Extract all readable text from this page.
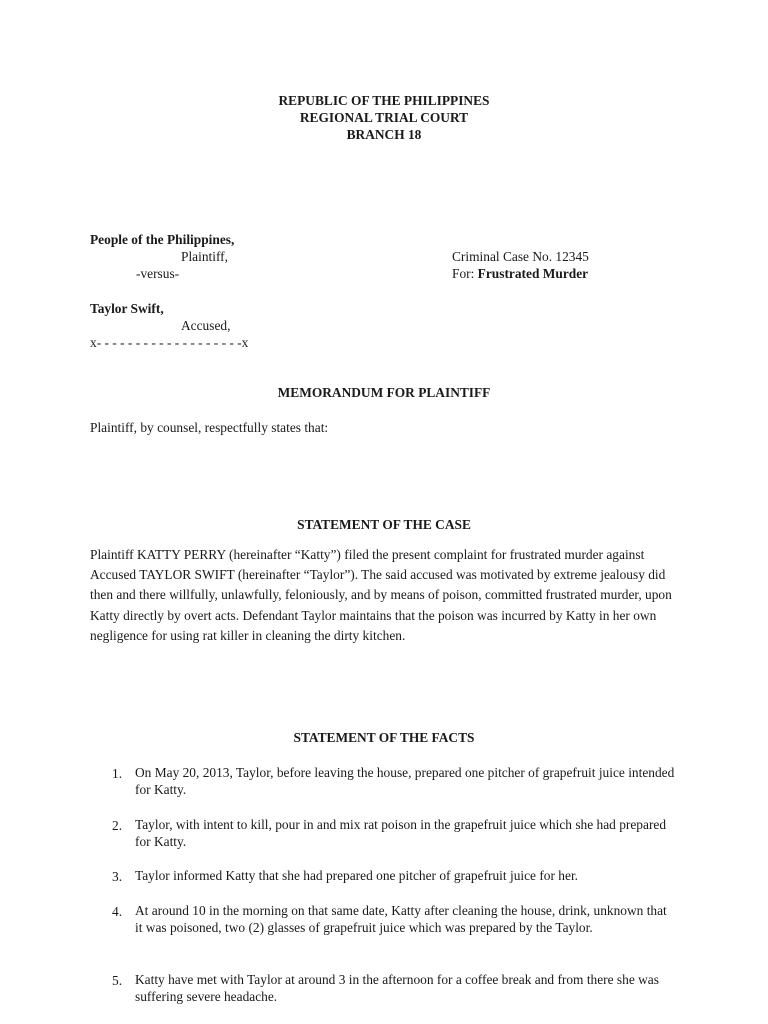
REPUBLIC OF THE PHILIPPINES
REGIONAL TRIAL COURT
BRANCH 18
People of the Philippines,
Plaintiff,
-versus-
Taylor Swift,
Accused,
x- - - - - - - - - - - - - - - - - - -x
Criminal Case No. 12345
For: Frustrated Murder
MEMORANDUM FOR PLAINTIFF
Plaintiff, by counsel, respectfully states that:
STATEMENT OF THE CASE
Plaintiff KATTY PERRY (hereinafter “Katty”) filed the present complaint for frustrated murder against Accused TAYLOR SWIFT (hereinafter “Taylor”). The said accused was motivated by extreme jealousy did then and there willfully, unlawfully, feloniously, and by means of poison, committed frustrated murder, upon Katty directly by overt acts. Defendant Taylor maintains that the poison was incurred by Katty in her own negligence for using rat killer in cleaning the dirty kitchen.
STATEMENT OF THE FACTS
1. On May 20, 2013, Taylor, before leaving the house, prepared one pitcher of grapefruit juice intended for Katty.
2. Taylor, with intent to kill, pour in and mix rat poison in the grapefruit juice which she had prepared for Katty.
3. Taylor informed Katty that she had prepared one pitcher of grapefruit juice for her.
4. At around 10 in the morning on that same date, Katty after cleaning the house, drink, unknown that it was poisoned, two (2) glasses of grapefruit juice which was prepared by the Taylor.
5. Katty have met with Taylor at around 3 in the afternoon for a coffee break and from there she was suffering severe headache.
